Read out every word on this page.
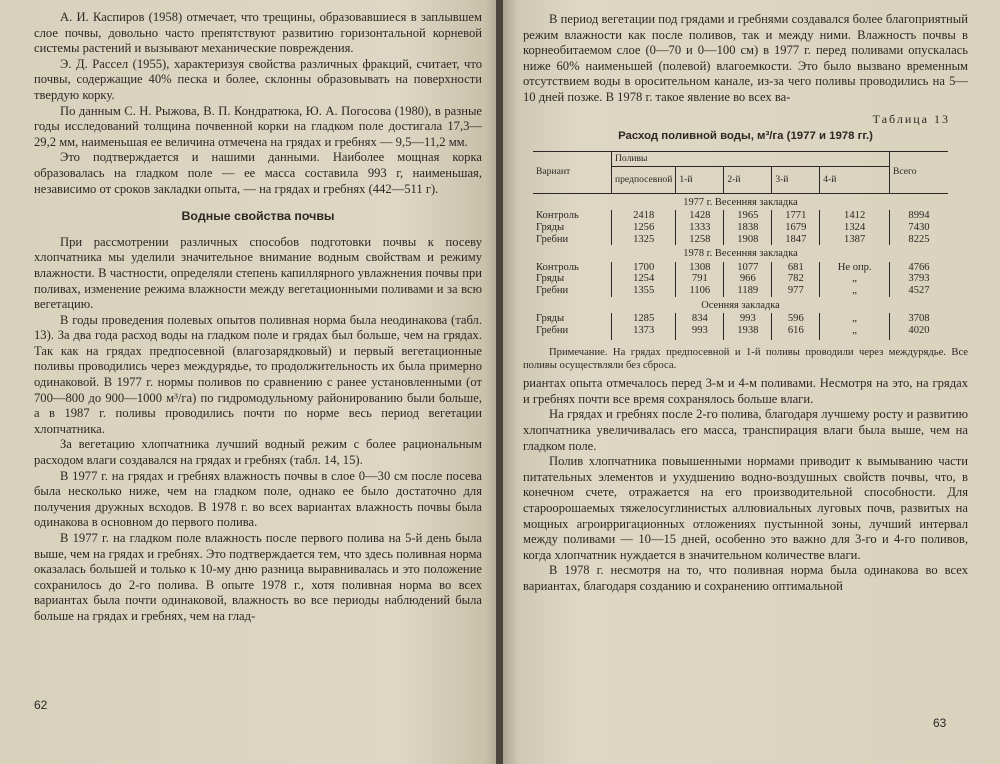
А. И. Каспиров (1958) отмечает, что трещины, образовавшиеся в заплывшем слое почвы, довольно часто препятствуют развитию горизонтальной корневой системы растений и вызывают механические повреждения.

Э. Д. Рассел (1955), характеризуя свойства различных фракций, считает, что почвы, содержащие 40% песка и более, склонны образовывать на поверхности твердую корку.

По данным С. Н. Рыжова, В. П. Кондратюка, Ю. А. Погосова (1980), в разные годы исследований толщина почвенной корки на гладком поле достигала 17,3—29,2 мм, наименьшая ее величина отмечена на грядах и гребнях — 9,5—11,2 мм.

Это подтверждается и нашими данными. Наиболее мощная корка образовалась на гладком поле — ее масса составила 993 г, наименьшая, независимо от сроков закладки опыта, — на грядах и гребнях (442—511 г).

Водные свойства почвы

При рассмотрении различных способов подготовки почвы к посеву хлопчатника мы уделили значительное внимание водным свойствам и режиму влажности. В частности, определяли степень капиллярного увлажнения почвы при поливах, изменение режима влажности между вегетационными поливами и за всю вегетацию.

В годы проведения полевых опытов поливная норма была неодинакова (табл. 13). За два года расход воды на гладком поле и грядах был больше, чем на грядах. Так как на грядах предпосевной (влагозарядковый) и первый вегетационные поливы проводились через междурядье, то продолжительность их была примерно одинаковой. В 1977 г. нормы поливов по сравнению с ранее установленными (от 700—800 до 900—1000 м³/га) по гидромодульному районированию были больше, а в 1987 г. поливы проводились почти по норме весь период вегетации хлопчатника.

За вегетацию хлопчатника лучший водный режим с более рациональным расходом влаги создавался на грядах и гребнях (табл. 14, 15).

В 1977 г. на грядах и гребнях влажность почвы в слое 0—30 см после посева была несколько ниже, чем на гладком поле, однако ее было достаточно для получения дружных всходов. В 1978 г. во всех вариантах влажность почвы была одинакова в основном до первого полива.

В 1977 г. на гладком поле влажность после первого полива на 5-й день была выше, чем на грядах и гребнях. Это подтверждается тем, что здесь поливная норма оказалась большей и только к 10-му дню разница выравнивалась и это положение сохранилось до 2-го полива. В опыте 1978 г., хотя поливная норма во всех вариантах была почти одинаковой, влажность во все периоды наблюдений была больше на грядах и гребнях, чем на глад-

62

В период вегетации под грядами и гребнями создавался более благоприятный режим влажности как после поливов, так и между ними. Влажность почвы в корнеобитаемом слое (0—70 и 0—100 см) в 1977 г. перед поливами опускалась ниже 60% наименьшей (полевой) влагоемкости. Это было вызвано временным отсутствием воды в оросительном канале, из-за чего поливы проводились на 5—10 дней позже. В 1978 г. такое явление во всех ва-

Таблица 13
Расход поливной воды, м³/га (1977 и 1978 гг.)
Вариант	Поливы					Всего
	предпосевной	1-й	2-й	3-й	4-й	
1977 г. Весенняя закладка						
Контроль	2418	1428	1965	1771	1412	8994
Гряды	1256	1333	1838	1679	1324	7430
Гребни	1325	1258	1908	1847	1387	8225
1978 г. Весенняя закладка						
Контроль	1700	1308	1077	681	Не опр.	4766
Гряды	1254	791	966	782	„	3793
Гребни	1355	1106	1189	977	„	4527
Осенняя закладка						
Гряды	1285	834	993	596	„	3708
Гребни	1373	993	1938	616	„	4020

Примечание. На грядах предпосевной и 1-й поливы проводили через междурядье. Все поливы осуществляли без сброса.

риантах опыта отмечалось перед 3-м и 4-м поливами. Несмотря на это, на грядах и гребнях почти все время сохранялось больше влаги.

На грядах и гребнях после 2-го полива, благодаря лучшему росту и развитию хлопчатника увеличивалась его масса, транспирация влаги была выше, чем на гладком поле.

Полив хлопчатника повышенными нормами приводит к вымыванию части питательных элементов и ухудшению водно-воздушных свойств почвы, что, в конечном счете, отражается на его производительной способности. Для староорошаемых тяжелосуглинистых аллювиальных луговых почв, развитых на мощных агроирригационных отложениях пустынной зоны, лучший интервал между поливами — 10—15 дней, особенно это важно для 3-го и 4-го поливов, когда хлопчатник нуждается в значительном количестве влаги.

В 1978 г. несмотря на то, что поливная норма была одинакова во всех вариантах, благодаря созданию и сохранению оптимальной

63
